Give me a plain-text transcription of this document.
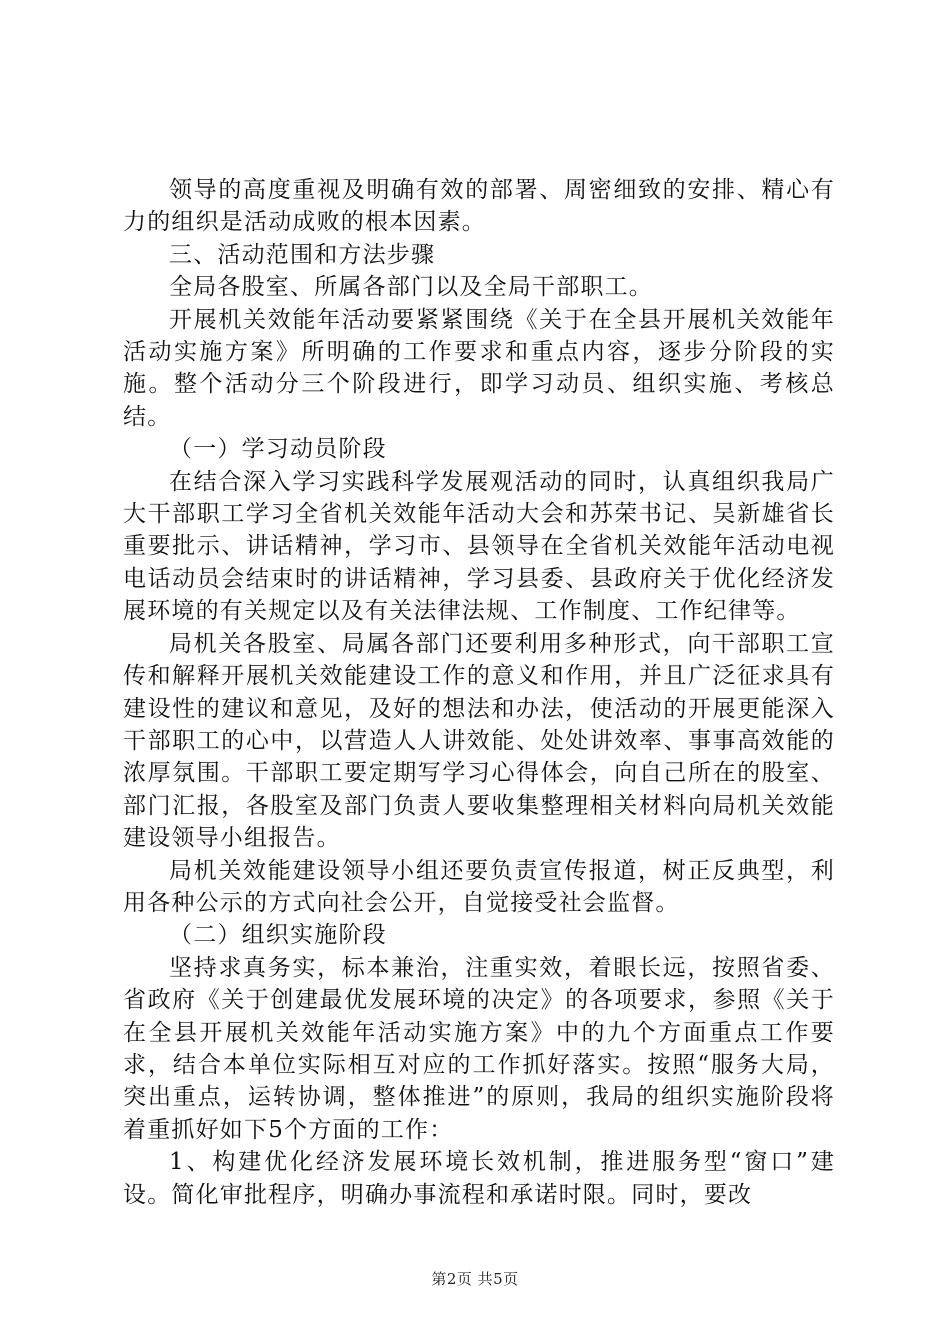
领导的高度重视及明确有效的部署、周密细致的安排、精心有力的组织是活动成败的根本因素。

三、活动范围和方法步骤

全局各股室、所属各部门以及全局干部职工。

开展机关效能年活动要紧紧围绕《关于在全县开展机关效能年活动实施方案》所明确的工作要求和重点内容，逐步分阶段的实施。整个活动分三个阶段进行，即学习动员、组织实施、考核总结。

（一）学习动员阶段

在结合深入学习实践科学发展观活动的同时，认真组织我局广大干部职工学习全省机关效能年活动大会和苏荣书记、吴新雄省长重要批示、讲话精神，学习市、县领导在全省机关效能年活动电视电话动员会结束时的讲话精神，学习县委、县政府关于优化经济发展环境的有关规定以及有关法律法规、工作制度、工作纪律等。

局机关各股室、局属各部门还要利用多种形式，向干部职工宣传和解释开展机关效能建设工作的意义和作用，并且广泛征求具有建设性的建议和意见，及好的想法和办法，使活动的开展更能深入干部职工的心中，以营造人人讲效能、处处讲效率、事事高效能的浓厚氛围。干部职工要定期写学习心得体会，向自己所在的股室、部门汇报，各股室及部门负责人要收集整理相关材料向局机关效能建设领导小组报告。

局机关效能建设领导小组还要负责宣传报道，树正反典型，利用各种公示的方式向社会公开，自觉接受社会监督。

（二）组织实施阶段

坚持求真务实，标本兼治，注重实效，着眼长远，按照省委、省政府《关于创建最优发展环境的决定》的各项要求，参照《关于在全县开展机关效能年活动实施方案》中的九个方面重点工作要求，结合本单位实际相互对应的工作抓好落实。按照“服务大局，突出重点，运转协调，整体推进”的原则，我局的组织实施阶段将着重抓好如下5个方面的工作：

1、构建优化经济发展环境长效机制，推进服务型“窗口”建设。简化审批程序，明确办事流程和承诺时限。同时，要改

第2页 共5页
